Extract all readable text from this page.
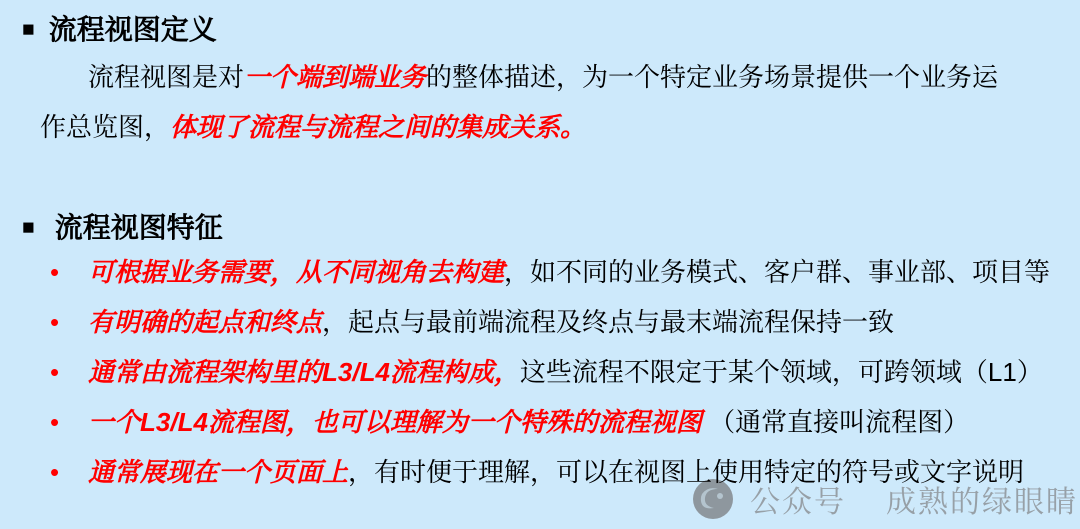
公众号 成熟的绿眼睛
■ 流程视图定义

流程视图是对一个端到端业务的整体描述，为一个特定业务场景提供一个业务运作总览图，体现了流程与流程之间的集成关系。

■ 流程视图特征
• 可根据业务需要，从不同视角去构建，如不同的业务模式、客户群、事业部、项目等
• 有明确的起点和终点，起点与最前端流程及终点与最末端流程保持一致
• 通常由流程架构里的L3/L4流程构成，这些流程不限定于某个领域，可跨领域（L1）
• 一个L3/L4流程图，也可以理解为一个特殊的流程视图 （通常直接叫流程图）
• 通常展现在一个页面上，有时便于理解，可以在视图上使用特定的符号或文字说明
